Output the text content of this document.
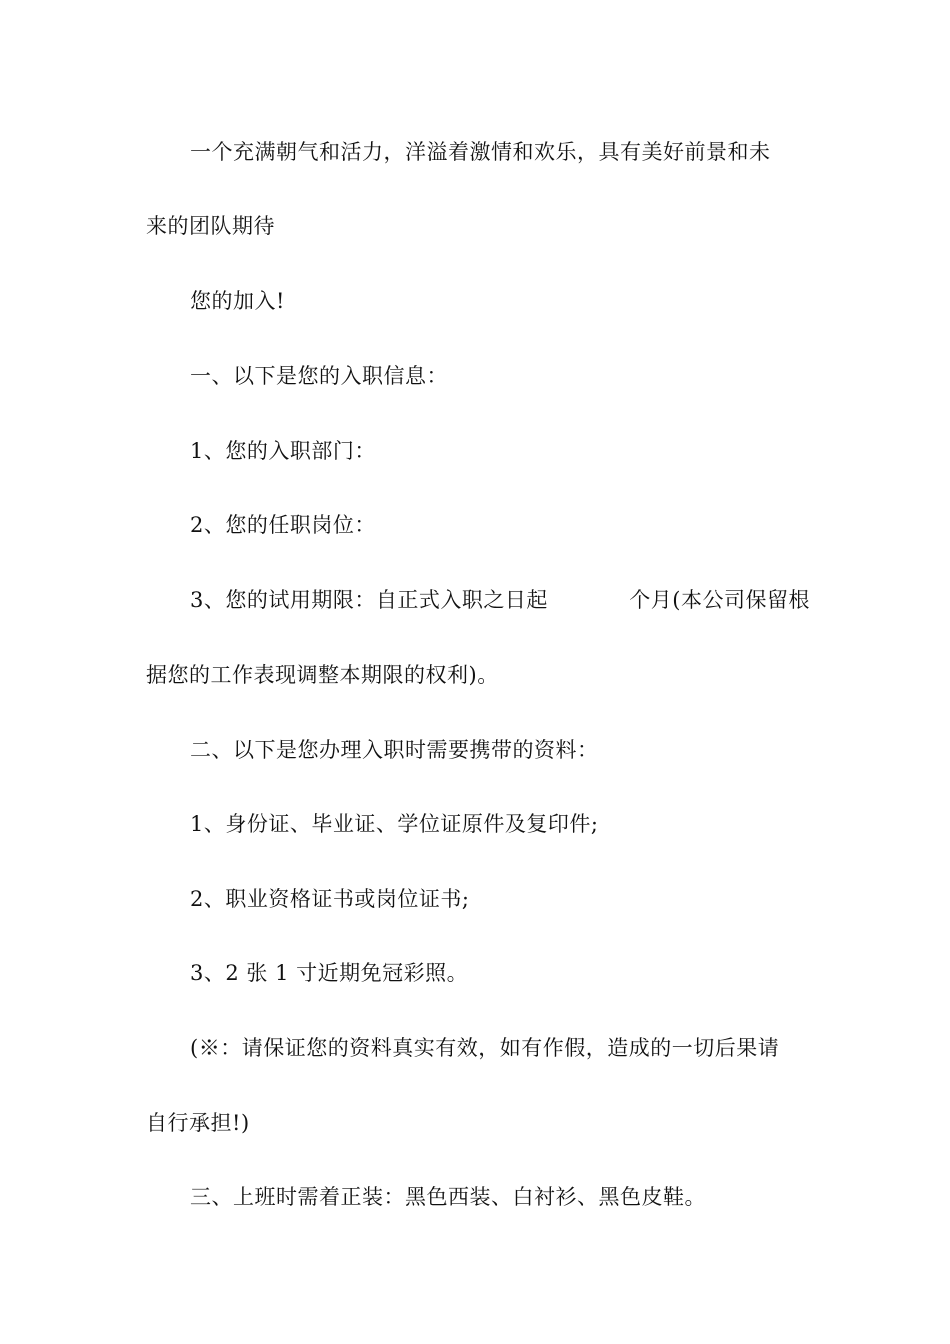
一个充满朝气和活力，洋溢着激情和欢乐，具有美好前景和未
来的团队期待
您的加入!
一、以下是您的入职信息：
1、您的入职部门：
2、您的任职岗位：
3、您的试用期限：自正式入职之日起	个月(本公司保留根
据您的工作表现调整本期限的权利)。
二、以下是您办理入职时需要携带的资料：
1、身份证、毕业证、学位证原件及复印件;
2、职业资格证书或岗位证书;
3、2 张 1 寸近期免冠彩照。
(※：请保证您的资料真实有效，如有作假，造成的一切后果请
自行承担!)
三、上班时需着正装：黑色西装、白衬衫、黑色皮鞋。
